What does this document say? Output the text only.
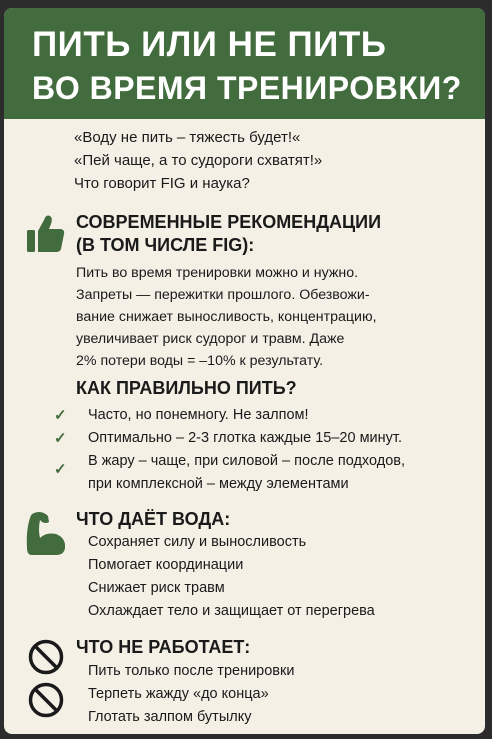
ПИТЬ ИЛИ НЕ ПИТЬ
ВО ВРЕМЯ ТРЕНИРОВКИ?
«Воду не пить – тяжесть будет!«
«Пей чаще, а то судороги схватят!»
Что говорит FIG и наука?
СОВРЕМЕННЫЕ РЕКОМЕНДАЦИИ
(В ТОМ ЧИСЛЕ FIG):
Пить во время тренировки можно и нужно.
Запреты — пережитки прошлого. Обезвожи-
вание снижает выносливость, концентрацию,
увеличивает риск судорог и травм. Даже
2% потери воды = –10% к результату.
КАК ПРАВИЛЬНО ПИТЬ?
✓ Часто, но понемногу. Не залпом!
✓ Оптимально – 2-3 глотка каждые 15–20 минут.
✓ В жару – чаще, при силовой – после подходов,
при комплексной – между элементами
ЧТО ДАЁТ ВОДА:
Сохраняет силу и выносливость
Помогает координации
Снижает риск травм
Охлаждает тело и защищает от перегрева
ЧТО НЕ РАБОТАЕТ:
Пить только после тренировки
Терпеть жажду «до конца»
Глотать залпом бутылку
